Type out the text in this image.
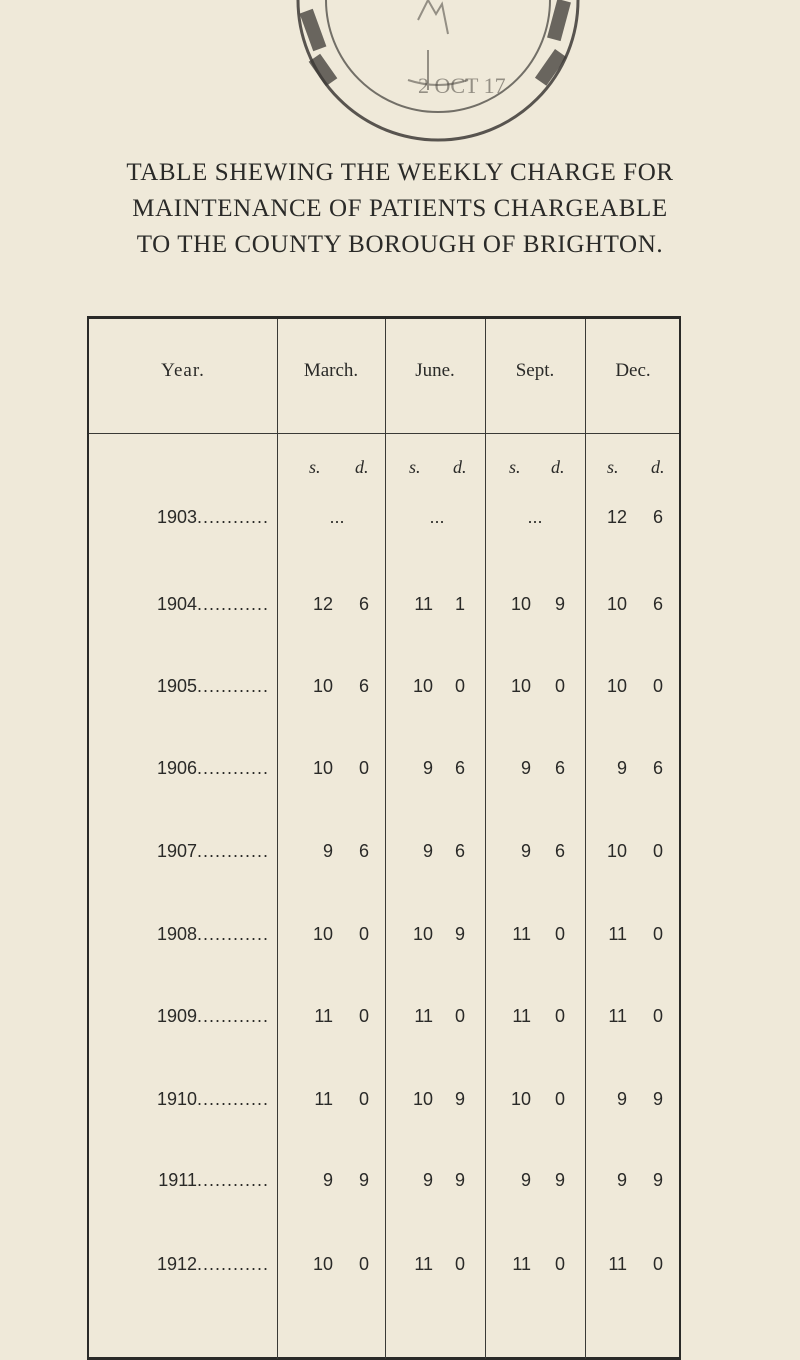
2 OCT 17
TABLE SHEWING THE WEEKLY CHARGE FOR
MAINTENANCE OF PATIENTS CHARGEABLE
TO THE COUNTY BOROUGH OF BRIGHTON.
Year.	March.	June.	Sept.	Dec.
s. d. s. d. s. d. s. d.
1903............	...	...	...	12	6
1904............	12	6	11	1	10	9	10	6
1905............	10	6	10	0	10	0	10	0
1906............	10	0	9	6	9	6	9	6
1907............	9	6	9	6	9	6	10	0
1908............	10	0	10	9	11	0	11	0
1909............	11	0	11	0	11	0	11	0
1910............	11	0	10	9	10	0	9	9
1911............	9	9	9	9	9	9	9	9
1912............	10	0	11	0	11	0	11	0
